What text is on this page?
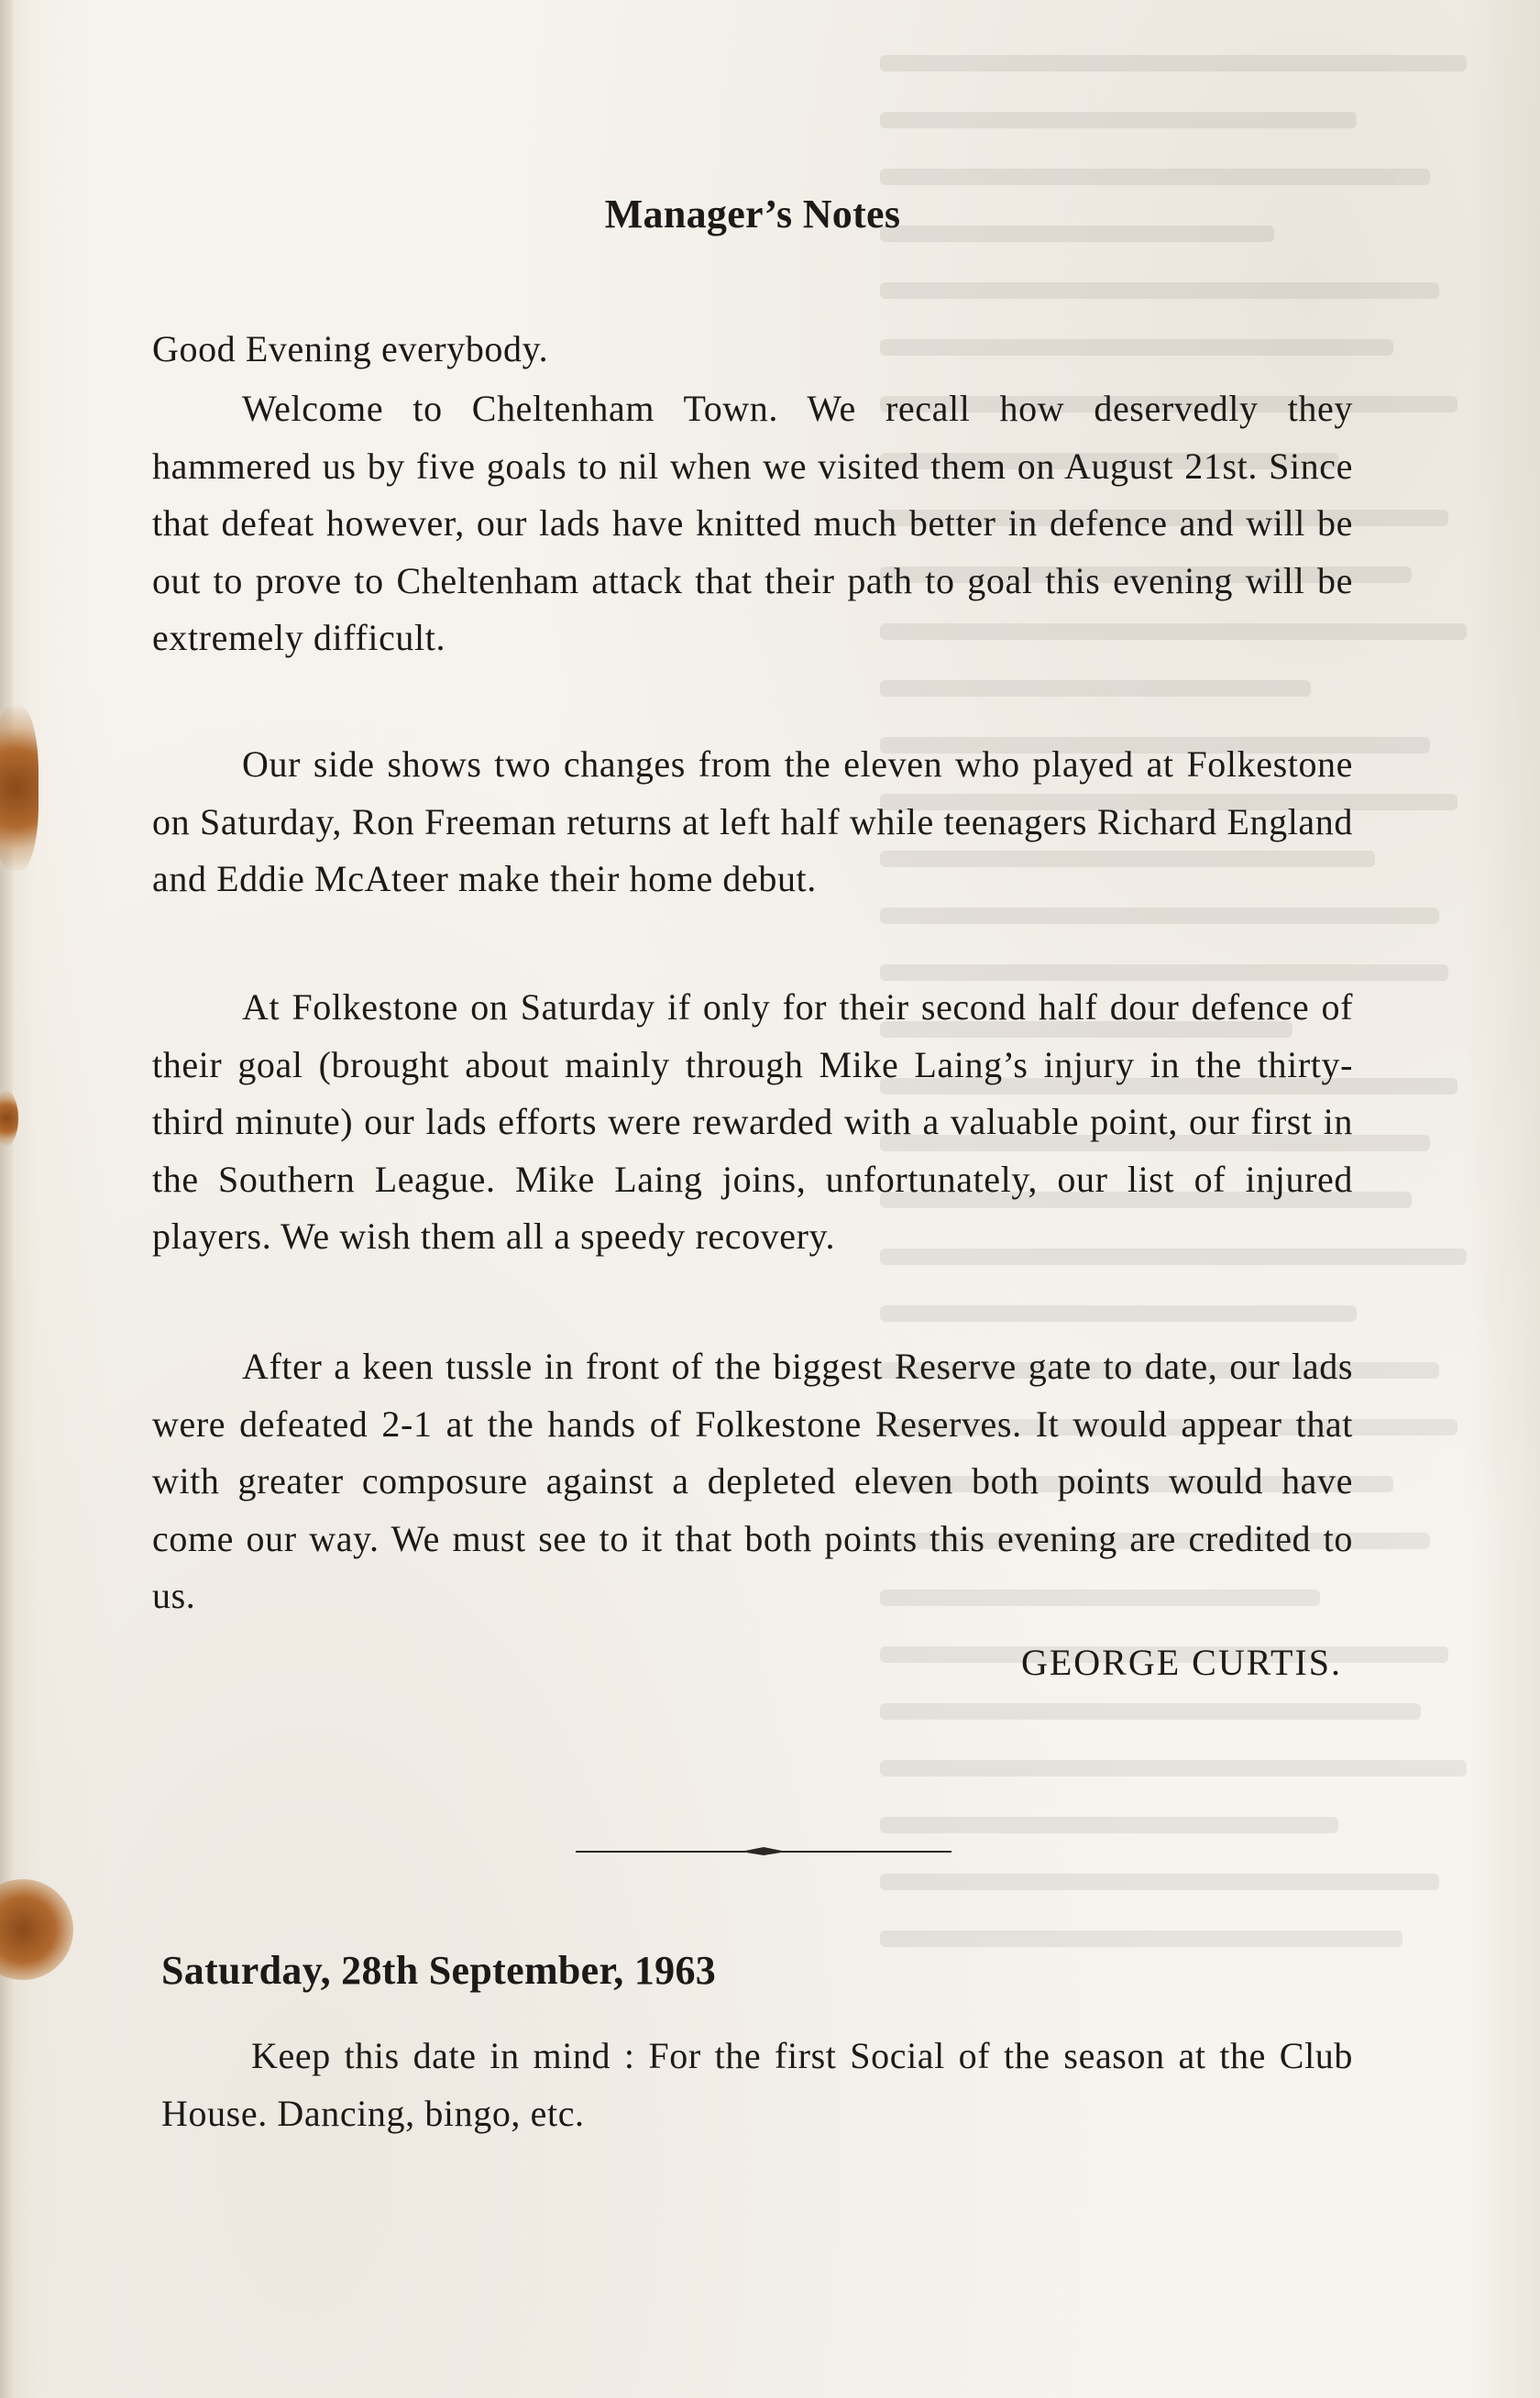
Manager’s Notes

Good Evening everybody.

Welcome to Cheltenham Town. We recall how deservedly they hammered us by five goals to nil when we visited them on August 21st. Since that defeat however, our lads have knitted much better in defence and will be out to prove to Cheltenham attack that their path to goal this evening will be extremely difficult.

Our side shows two changes from the eleven who played at Folkestone on Saturday, Ron Freeman returns at left half while teenagers Richard England and Eddie McAteer make their home debut.

At Folkestone on Saturday if only for their second half dour defence of their goal (brought about mainly through Mike Laing’s injury in the thirty-third minute) our lads efforts were rewarded with a valuable point, our first in the Southern League. Mike Laing joins, unfortunately, our list of injured players. We wish them all a speedy recovery.

After a keen tussle in front of the biggest Reserve gate to date, our lads were defeated 2-1 at the hands of Folkestone Reserves. It would appear that with greater composure against a depleted eleven both points would have come our way. We must see to it that both points this evening are credited to us.

GEORGE CURTIS.
Saturday, 28th September, 1963

Keep this date in mind : For the first Social of the season at the Club House. Dancing, bingo, etc.
